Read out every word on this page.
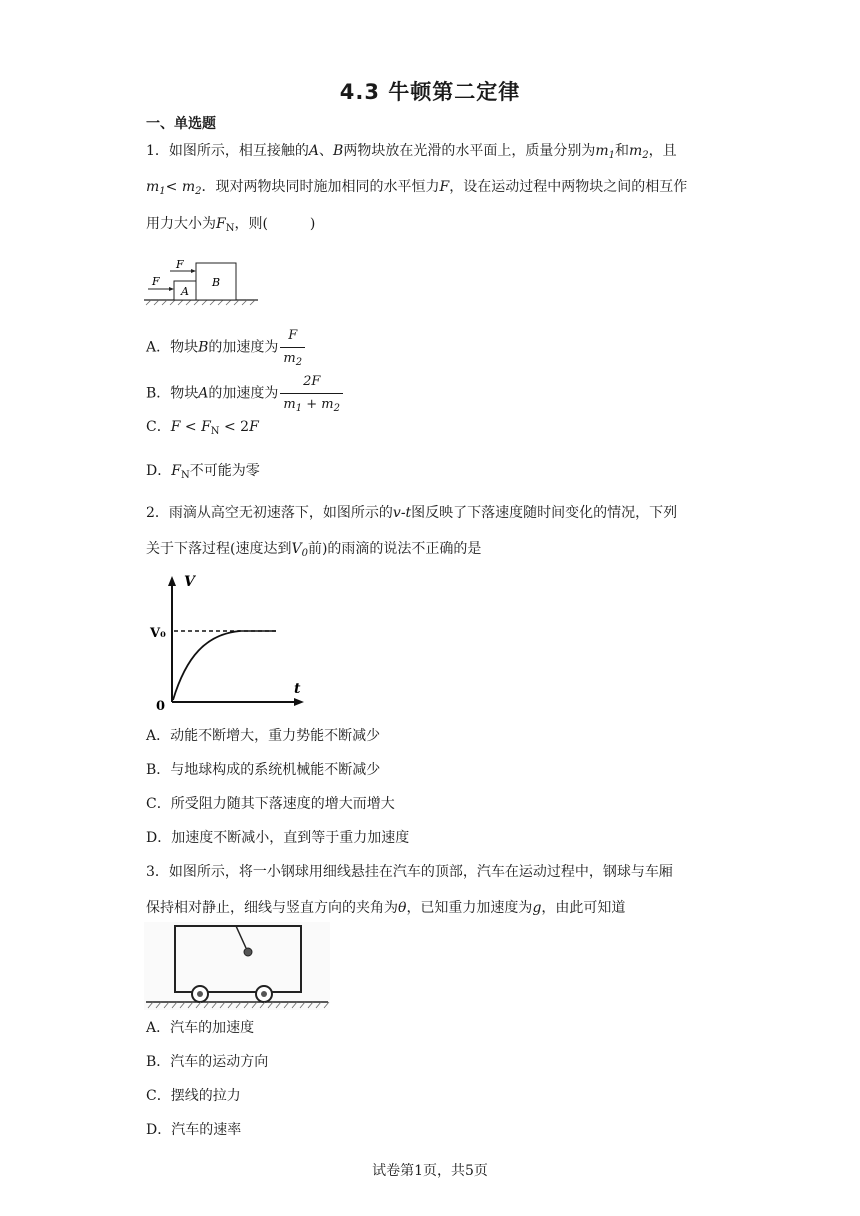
4.3 牛顿第二定律
一、单选题
1．如图所示，相互接触的A、B两物块放在光滑的水平面上，质量分别为$m_1$和$m_2$，且
$m_1< m_2$．现对两物块同时施加相同的水平恒力F，设在运动过程中两物块之间的相互作
用力大小为$F_N$，则(　　　)
F
F
A
B
A．物块B的加速度为 $\frac{F}{m_2}$
B．物块A的加速度为 $\frac{2F}{m_1 + m_2}$
C．$F < F_N < 2F$
D．$F_N$不可能为零
2．雨滴从高空无初速落下，如图所示的v-t图反映了下落速度随时间变化的情况，下列
关于下落过程(速度达到$V_0$前)的雨滴的说法不正确的是
V
t
V₀
0
A．动能不断增大，重力势能不断减少
B．与地球构成的系统机械能不断减少
C．所受阻力随其下落速度的增大而增大
D．加速度不断减小，直到等于重力加速度
3．如图所示，将一小钢球用细线悬挂在汽车的顶部，汽车在运动过程中，钢球与车厢
保持相对静止，细线与竖直方向的夹角为θ，已知重力加速度为g，由此可知道
A．汽车的加速度
B．汽车的运动方向
C．摆线的拉力
D．汽车的速率
试卷第1页，共5页
